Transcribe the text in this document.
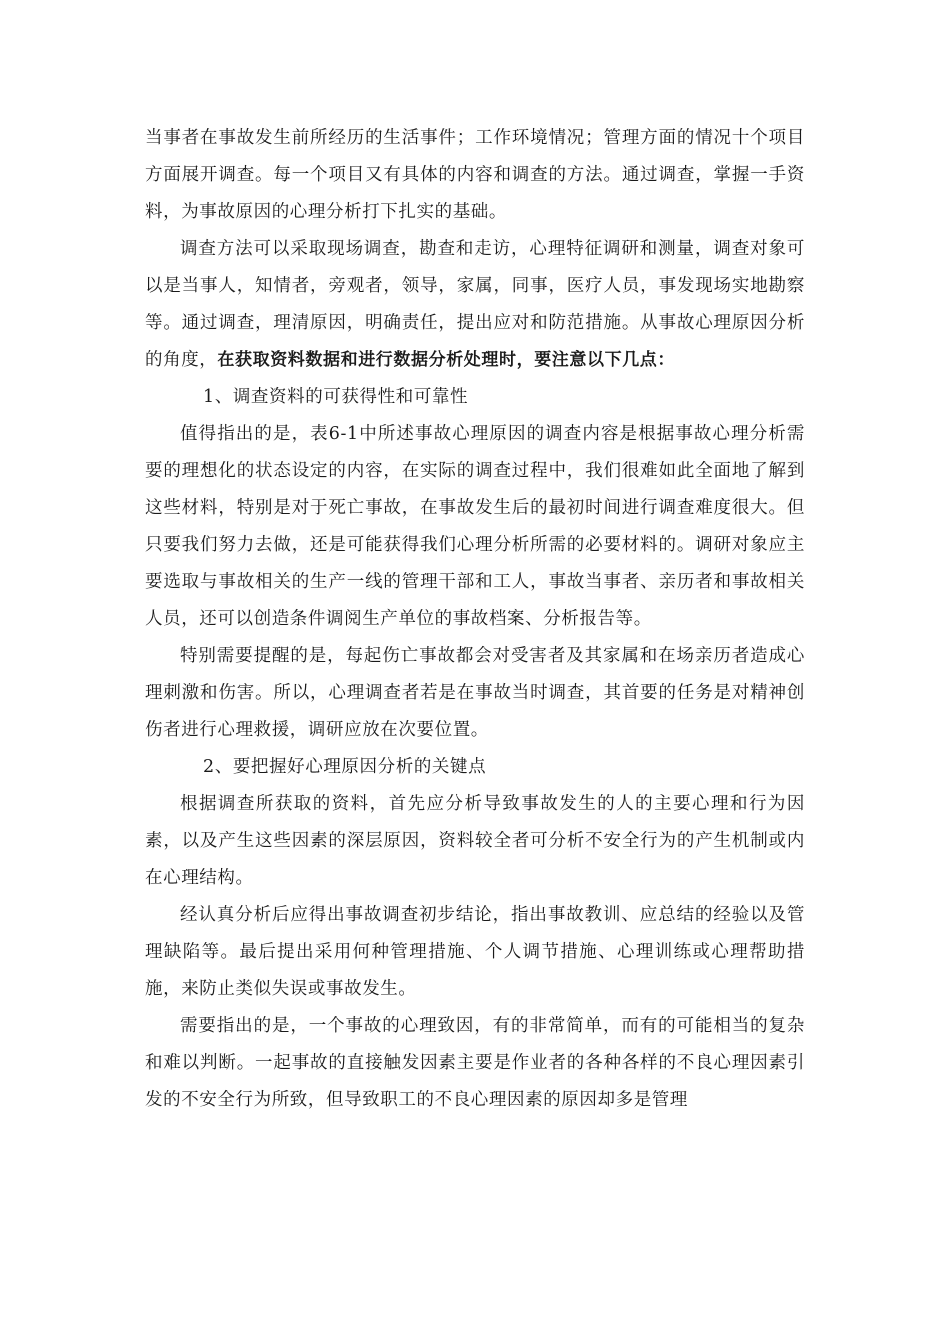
当事者在事故发生前所经历的生活事件；工作环境情况；管理方面的情况十个项目方面展开调查。每一个项目又有具体的内容和调查的方法。通过调查，掌握一手资料，为事故原因的心理分析打下扎实的基础。

调查方法可以采取现场调查，勘查和走访，心理特征调研和测量，调查对象可以是当事人，知情者，旁观者，领导，家属，同事，医疗人员，事发现场实地勘察等。通过调查，理清原因，明确责任，提出应对和防范措施。从事故心理原因分析的角度，在获取资料数据和进行数据分析处理时，要注意以下几点：

1、调查资料的可获得性和可靠性

值得指出的是，表6-1中所述事故心理原因的调查内容是根据事故心理分析需要的理想化的状态设定的内容，在实际的调查过程中，我们很难如此全面地了解到这些材料，特别是对于死亡事故，在事故发生后的最初时间进行调查难度很大。但只要我们努力去做，还是可能获得我们心理分析所需的必要材料的。调研对象应主要选取与事故相关的生产一线的管理干部和工人，事故当事者、亲历者和事故相关人员，还可以创造条件调阅生产单位的事故档案、分析报告等。

特别需要提醒的是，每起伤亡事故都会对受害者及其家属和在场亲历者造成心理刺激和伤害。所以，心理调查者若是在事故当时调查，其首要的任务是对精神创伤者进行心理救援，调研应放在次要位置。

2、要把握好心理原因分析的关键点

根据调查所获取的资料，首先应分析导致事故发生的人的主要心理和行为因素，以及产生这些因素的深层原因，资料较全者可分析不安全行为的产生机制或内在心理结构。

经认真分析后应得出事故调查初步结论，指出事故教训、应总结的经验以及管理缺陷等。最后提出采用何种管理措施、个人调节措施、心理训练或心理帮助措施，来防止类似失误或事故发生。

需要指出的是，一个事故的心理致因，有的非常简单，而有的可能相当的复杂和难以判断。一起事故的直接触发因素主要是作业者的各种各样的不良心理因素引发的不安全行为所致，但导致职工的不良心理因素的原因却多是管理
